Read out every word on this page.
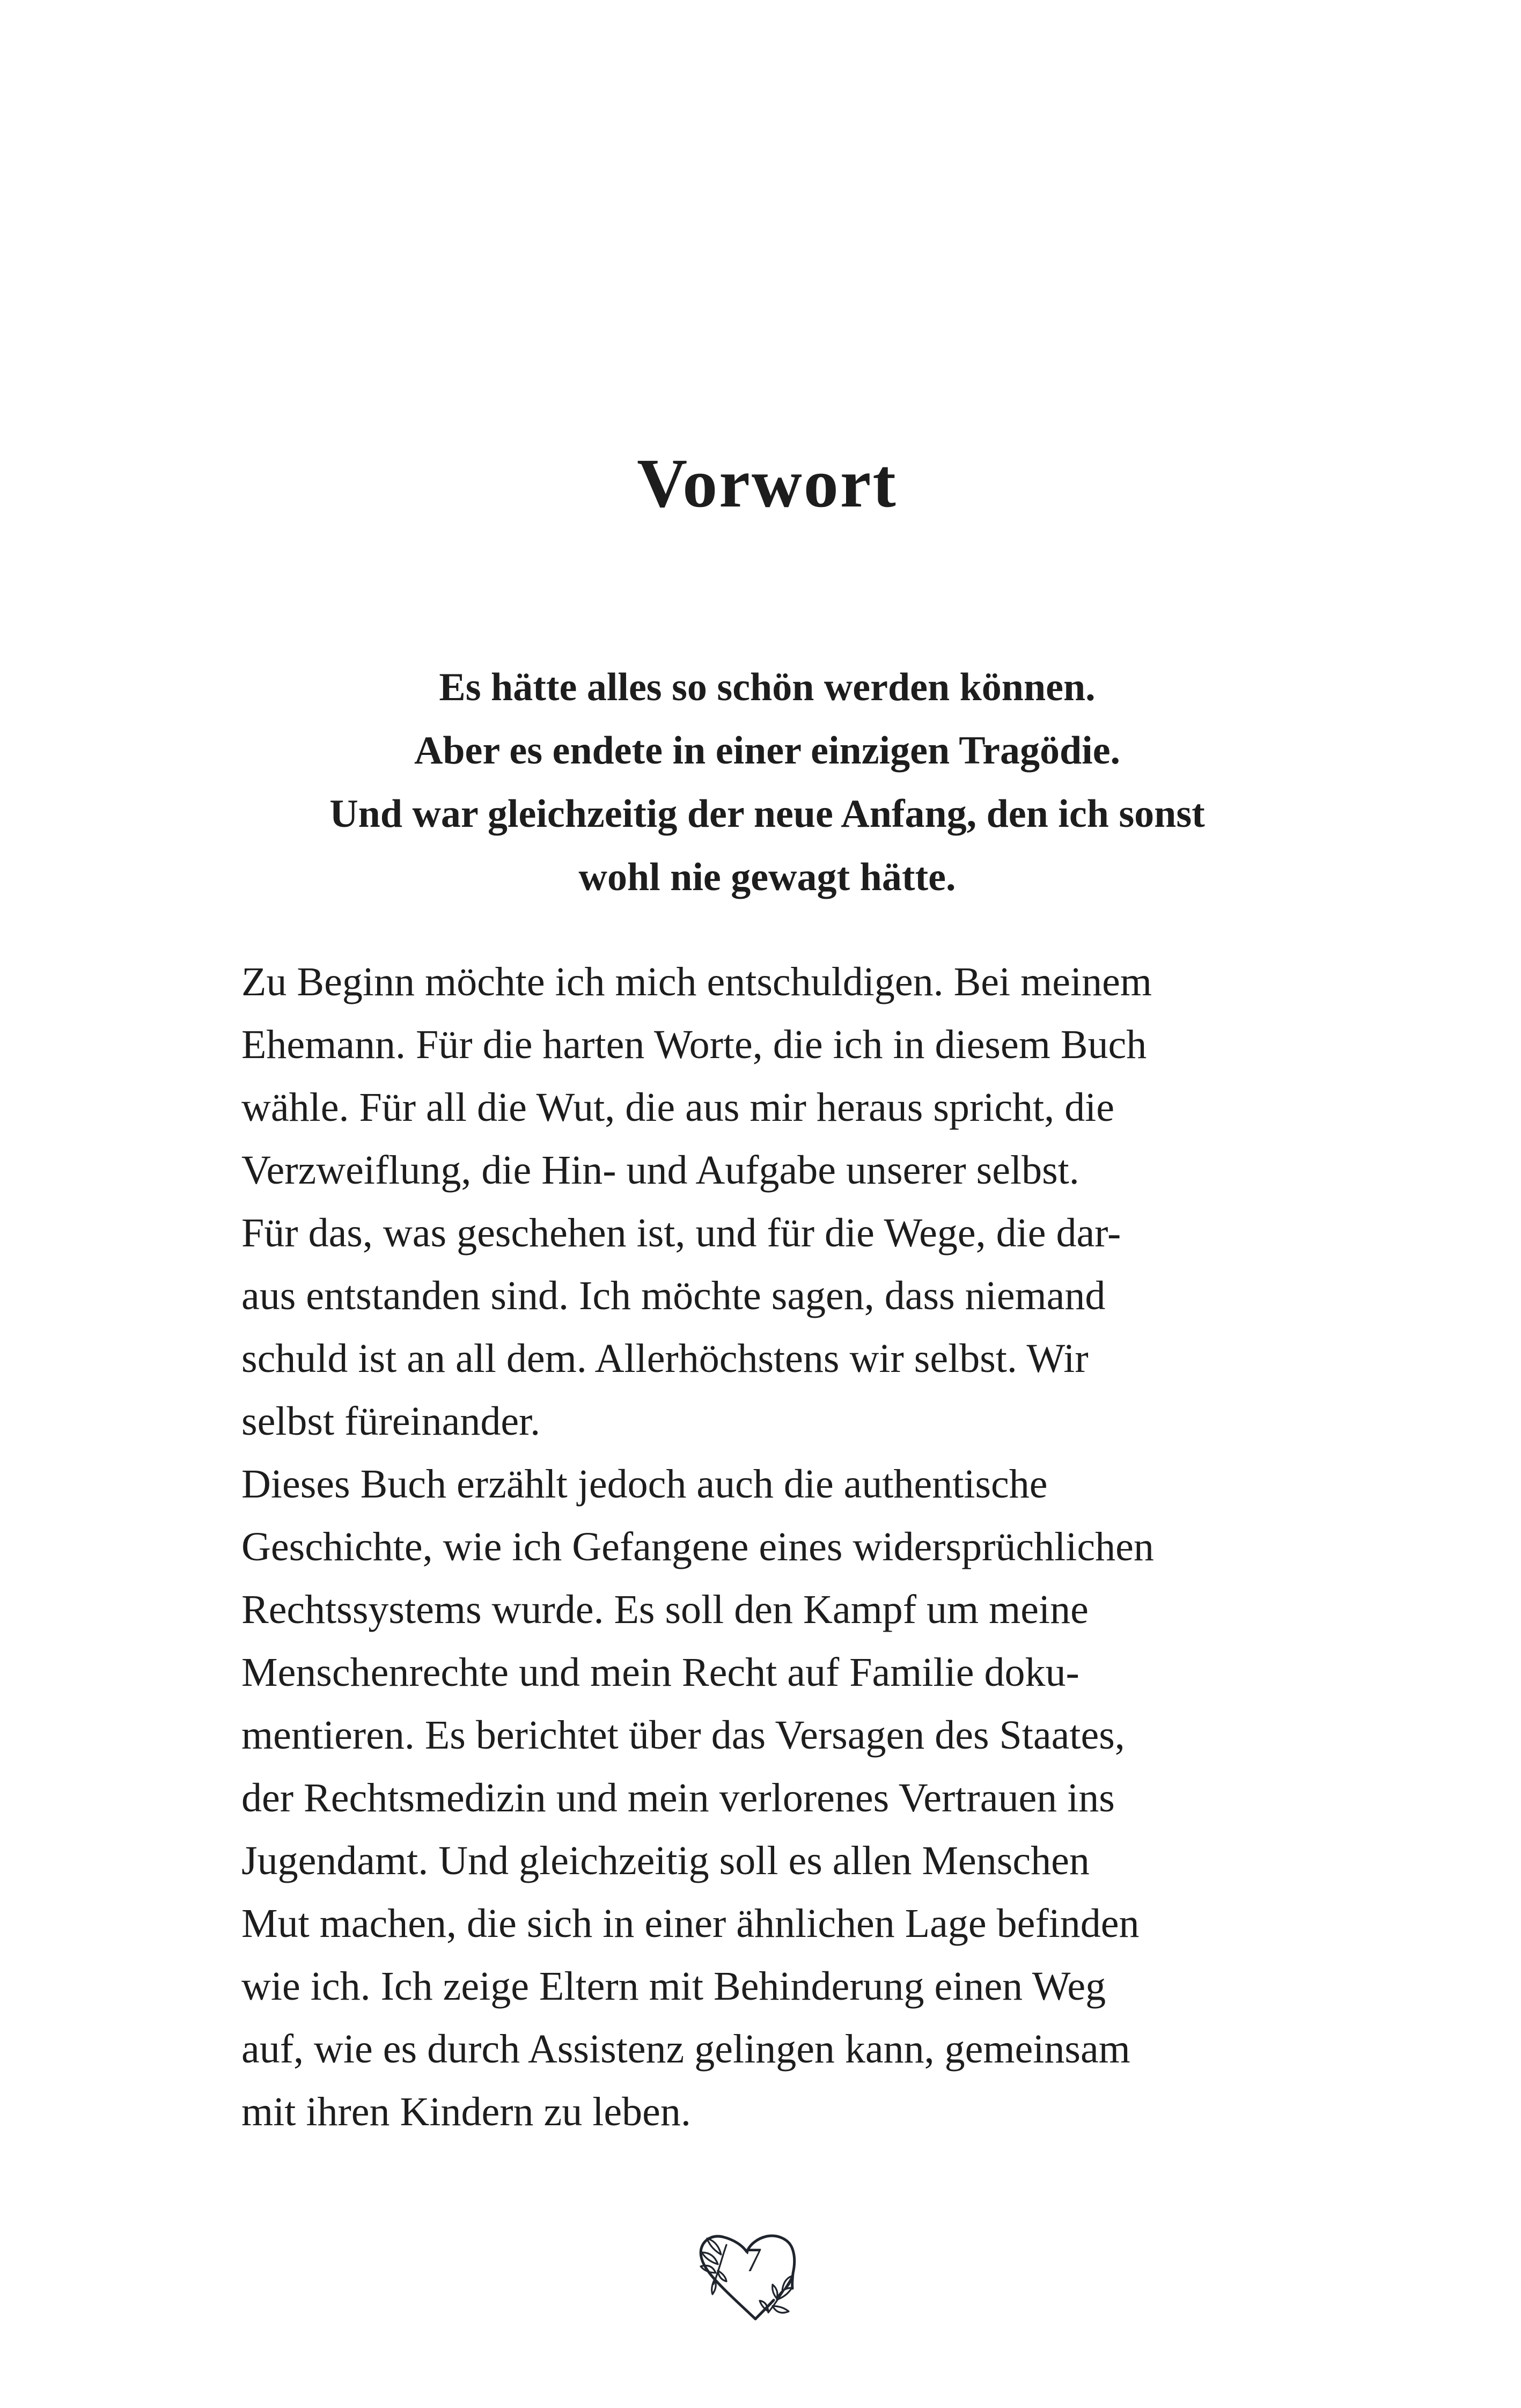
Vorwort
Es hätte alles so schön werden können.
Aber es endete in einer einzigen Tragödie.
Und war gleichzeitig der neue Anfang, den ich sonst
wohl nie gewagt hätte.
Zu Beginn möchte ich mich entschuldigen. Bei meinem
Ehemann. Für die harten Worte, die ich in diesem Buch
wähle. Für all die Wut, die aus mir heraus spricht, die
Verzweiflung, die Hin- und Aufgabe unserer selbst.
Für das, was geschehen ist, und für die Wege, die dar-
aus entstanden sind. Ich möchte sagen, dass niemand
schuld ist an all dem. Allerhöchstens wir selbst. Wir
selbst füreinander.
Dieses Buch erzählt jedoch auch die authentische
Geschichte, wie ich Gefangene eines widersprüchlichen
Rechtssystems wurde. Es soll den Kampf um meine
Menschenrechte und mein Recht auf Familie doku-
mentieren. Es berichtet über das Versagen des Staates,
der Rechtsmedizin und mein verlorenes Vertrauen ins
Jugendamt. Und gleichzeitig soll es allen Menschen
Mut machen, die sich in einer ähnlichen Lage befinden
wie ich. Ich zeige Eltern mit Behinderung einen Weg
auf, wie es durch Assistenz gelingen kann, gemeinsam
mit ihren Kindern zu leben.
7
